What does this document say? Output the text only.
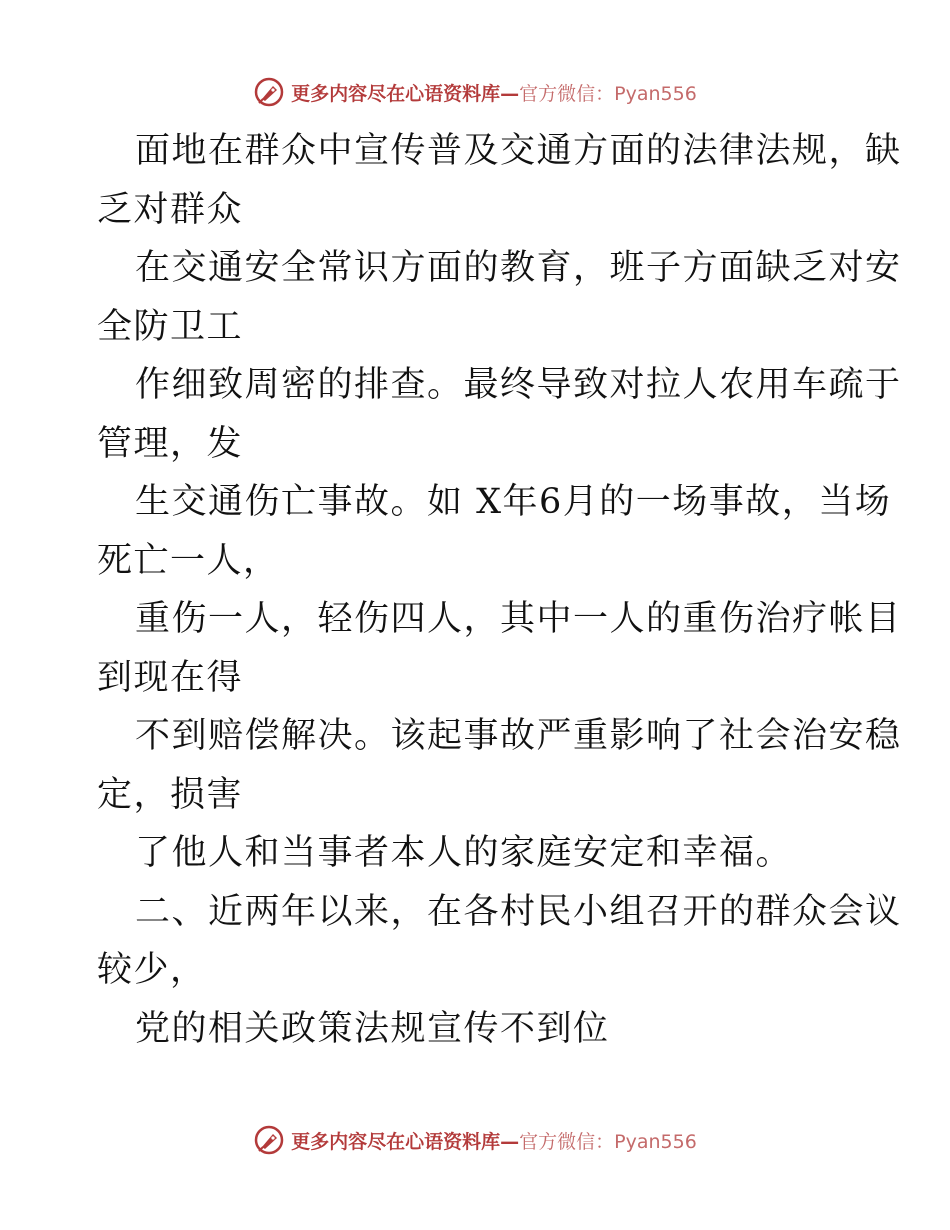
更多内容尽在心语资料库—官方微信：Pyan556
面地在群众中宣传普及交通方面的法律法规，缺
乏对群众
在交通安全常识方面的教育，班子方面缺乏对安
全防卫工
作细致周密的排查。最终导致对拉人农用车疏于
管理，发
生交通伤亡事故。如 X年6月的一场事故，当场
死亡一人，
重伤一人，轻伤四人，其中一人的重伤治疗帐目
到现在得
不到赔偿解决。该起事故严重影响了社会治安稳
定，损害
了他人和当事者本人的家庭安定和幸福。
二、近两年以来，在各村民小组召开的群众会议
较少，
党的相关政策法规宣传不到位
更多内容尽在心语资料库—官方微信：Pyan556
